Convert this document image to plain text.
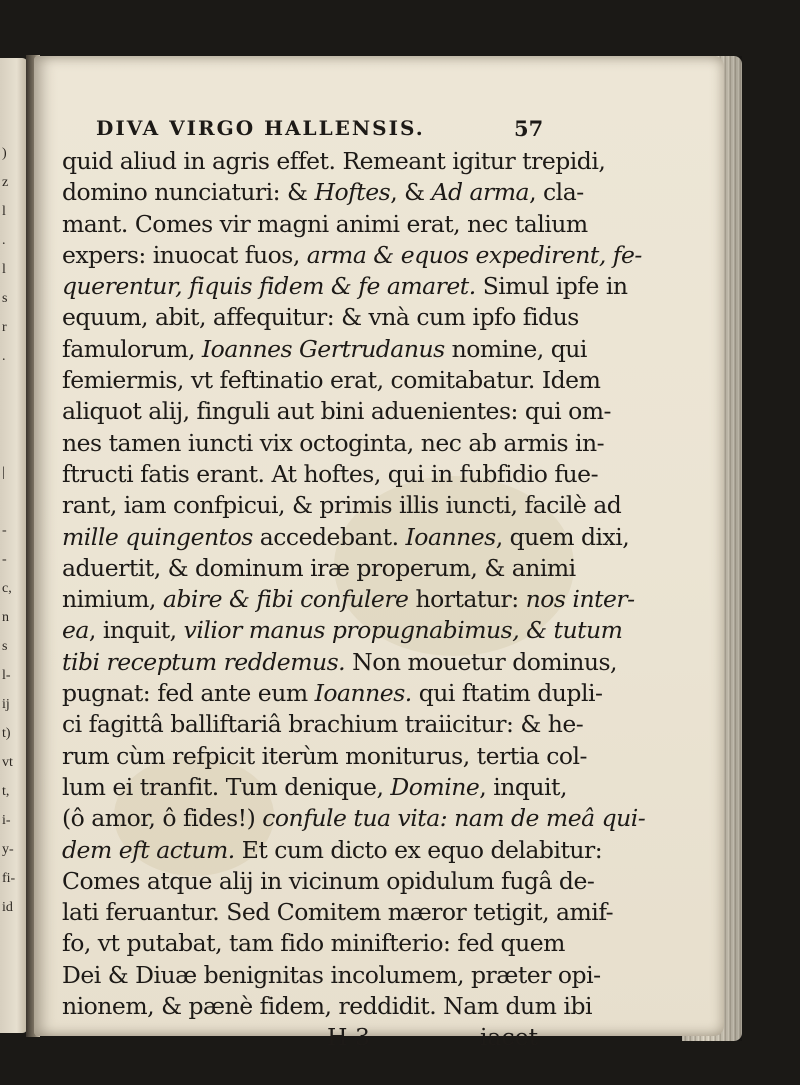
)
z
l
.
l
s
r
.
|
-
-
c,
n
s
l-
ij
t)
vt
t,
i-
y-
fi-
id
DIVA VIRGO HALLENSIS.	57
quid aliud in agris effet. Remeant igitur trepidi,
domino nunciaturi: & Hoftes, & Ad arma, cla-
mant. Comes vir magni animi erat, nec talium
expers: inuocat fuos, arma & equos expedirent, fe-
querentur, fiquis fidem & fe amaret. Simul ipfe in
equum, abit, affequitur: & vnà cum ipfo fidus
famulorum, Ioannes Gertrudanus nomine, qui
femiermis, vt feftinatio erat, comitabatur. Idem
aliquot alij, finguli aut bini aduenientes: qui om-
nes tamen iuncti vix octoginta, nec ab armis in-
ftructi fatis erant. At hoftes, qui in fubfidio fue-
rant, iam confpicui, & primis illis iuncti, facilè ad
mille quingentos accedebant. Ioannes, quem dixi,
aduertit, & dominum iræ properum, & animi
nimium, abire & fibi confulere hortatur: nos inter-
ea, inquit, vilior manus propugnabimus, & tutum
tibi receptum reddemus. Non mouetur dominus,
pugnat: fed ante eum Ioannes. qui ftatim dupli-
ci fagittâ balliftariâ brachium traiicitur: & he-
rum cùm refpicit iterùm moniturus, tertia col-
lum ei tranfit. Tum denique, Domine, inquit,
(ô amor, ô fides!) confule tua vita: nam de meâ qui-
dem eft actum. Et cum dicto ex equo delabitur:
Comes atque alij in vicinum opidulum fugâ de-
lati feruantur. Sed Comitem mæror tetigit, amif-
fo, vt putabat, tam fido minifterio: fed quem
Dei & Diuæ benignitas incolumem, præter opi-
nionem, & pænè fidem, reddidit. Nam dum ibi
H 3	iacet
